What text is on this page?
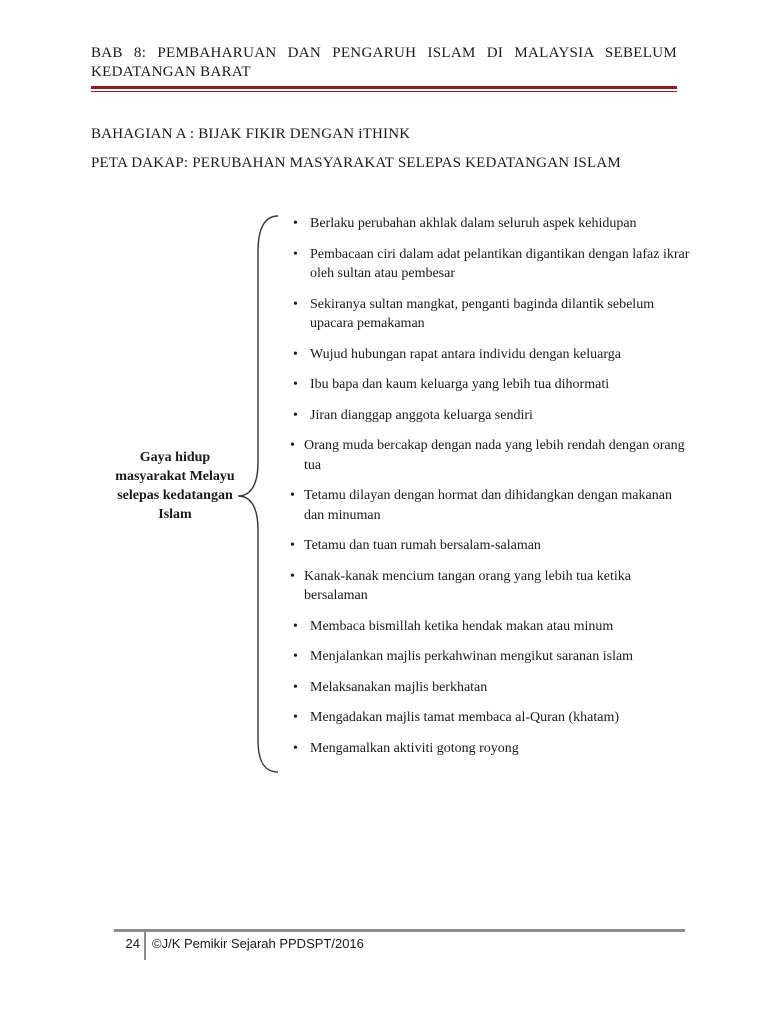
BAB 8: PEMBAHARUAN DAN PENGARUH ISLAM DI MALAYSIA SEBELUM KEDATANGAN BARAT
BAHAGIAN A : BIJAK FIKIR DENGAN iTHINK
PETA DAKAP: PERUBAHAN MASYARAKAT SELEPAS KEDATANGAN ISLAM
Gaya hidup masyarakat Melayu selepas kedatangan Islam
• Berlaku perubahan akhlak dalam seluruh aspek kehidupan
• Pembacaan ciri dalam adat pelantikan digantikan dengan lafaz ikrar oleh sultan atau pembesar
• Sekiranya sultan mangkat, penganti baginda dilantik sebelum upacara pemakaman
• Wujud hubungan rapat antara individu dengan keluarga
• Ibu bapa dan kaum keluarga yang lebih tua dihormati
• Jiran dianggap anggota keluarga sendiri
• Orang muda bercakap dengan nada yang lebih rendah dengan orang tua
• Tetamu dilayan dengan hormat dan dihidangkan dengan makanan dan minuman
• Tetamu dan tuan rumah bersalam-salaman
• Kanak-kanak mencium tangan orang yang lebih tua ketika bersalaman
• Membaca bismillah ketika hendak makan atau minum
• Menjalankan majlis perkahwinan mengikut saranan islam
• Melaksanakan majlis berkhatan
• Mengadakan majlis tamat membaca al-Quran (khatam)
• Mengamalkan aktiviti gotong royong
24 ©J/K Pemikir Sejarah PPDSPT/2016
